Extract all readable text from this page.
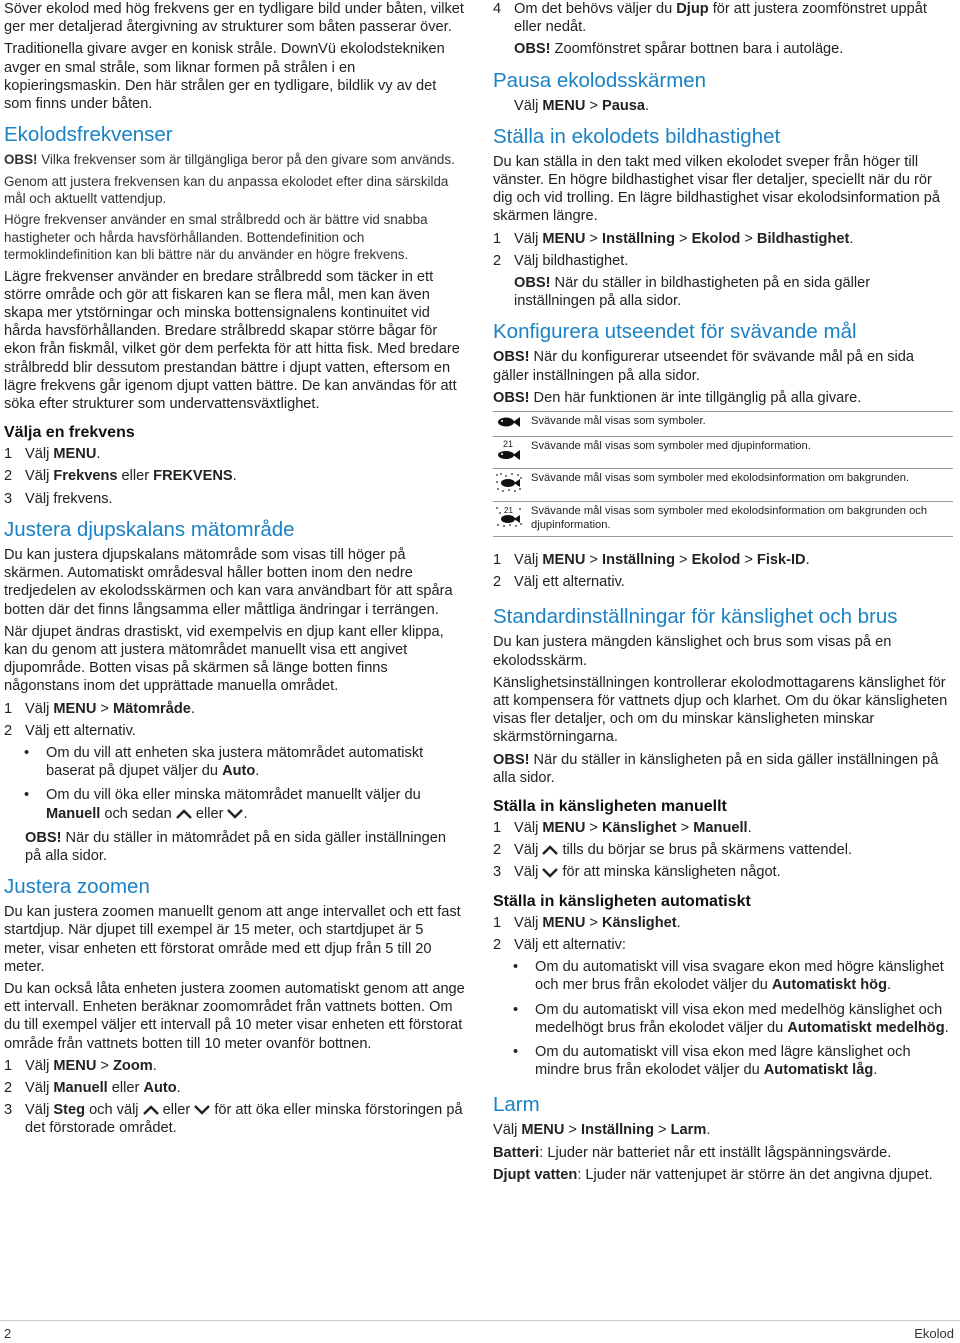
Söver ekolod med hög frekvens ger en tydligare bild under båten, vilket ger mer detaljerad återgivning av strukturer som båten passerar över.

Traditionella givare avger en konisk stråle. DownVü ekolodstekniken avger en smal stråle, som liknar formen på strålen i en kopieringsmaskin. Den här strålen ger en tydligare, bildlik vy av det som finns under båten.

Ekolodsfrekvenser

OBS! Vilka frekvenser som är tillgängliga beror på den givare som används.

Genom att justera frekvensen kan du anpassa ekolodet efter dina särskilda mål och aktuellt vattendjup.

Högre frekvenser använder en smal strålbredd och är bättre vid snabba hastigheter och hårda havsförhållanden. Bottendefinition och termoklindefinition kan bli bättre när du använder en högre frekvens.

Lägre frekvenser använder en bredare strålbredd som täcker in ett större område och gör att fiskaren kan se flera mål, men kan även skapa mer ytstörningar och minska bottensignalens kontinuitet vid hårda havsförhållanden. Bredare strålbredd skapar större bågar för ekon från fiskmål, vilket gör dem perfekta för att hitta fisk. Med bredare strålbredd blir dessutom prestandan bättre i djupt vatten, eftersom en lägre frekvens går igenom djupt vatten bättre. De kan användas för att söka efter strukturer som undervattensväxtlighet.

Välja en frekvens
1 Välj MENU.
2 Välj Frekvens eller FREKVENS.
3 Välj frekvens.
Justera djupskalans mätområde

Du kan justera djupskalans mätområde som visas till höger på skärmen. Automatiskt områdesval håller botten inom den nedre tredjedelen av ekolodsskärmen och kan vara användbart för att spåra botten där det finns långsamma eller måttliga ändringar i terrängen.

När djupet ändras drastiskt, vid exempelvis en djup kant eller klippa, kan du genom att justera mätområdet manuellt visa ett angivet djupområde. Botten visas på skärmen så länge botten finns någonstans inom det upprättade manuella området.

1 Välj MENU > Mätområde.
2 Välj ett alternativ.
•	Om du vill att enheten ska justera mätområdet automatiskt baserat på djupet väljer du Auto.
•	Om du vill öka eller minska mätområdet manuellt väljer du Manuell och sedan  eller .
OBS! När du ställer in mätområdet på en sida gäller inställningen på alla sidor.
Justera zoomen

Du kan justera zoomen manuellt genom att ange intervallet och ett fast startdjup. När djupet till exempel är 15 meter, och startdjupet är 5 meter, visar enheten ett förstorat område med ett djup från 5 till 20 meter.

Du kan också låta enheten justera zoomen automatiskt genom att ange ett intervall. Enheten beräknar zoomområdet från vattnets botten. Om du till exempel väljer ett intervall på 10 meter visar enheten ett förstorat område från vattnets botten till 10 meter ovanför bottnen.

1 Välj MENU > Zoom.
2 Välj Manuell eller Auto.
3 Välj Steg och välj  eller  för att öka eller minska förstoringen på det förstorade området.
4 Om det behövs väljer du Djup för att justera zoomfönstret uppåt eller nedåt.
OBS! Zoomfönstret spårar bottnen bara i autoläge.
Pausa ekolodsskärmen

Välj MENU > Pausa.

Ställa in ekolodets bildhastighet

Du kan ställa in den takt med vilken ekolodet sveper från höger till vänster. En högre bildhastighet visar fler detaljer, speciellt när du rör dig och vid trolling. En lägre bildhastighet visar ekolodsinformation på skärmen längre.

1 Välj MENU > Inställning > Ekolod > Bildhastighet.
2 Välj bildhastighet.
OBS! När du ställer in bildhastigheten på en sida gäller inställningen på alla sidor.
Konfigurera utseendet för svävande mål
OBS! När du konfigurerar utseendet för svävande mål på en sida gäller inställningen på alla sidor.
OBS! Den här funktionen är inte tillgänglig på alla givare.
	Svävande mål visas som symboler.

21	Svävande mål visas som symboler med djupinformation.
	Svävande mål visas som symboler med ekolodsinformation om bakgrunden.

21	Svävande mål visas som symboler med ekolodsinformation om bakgrunden och djupinformation.
1 Välj MENU > Inställning > Ekolod > Fisk-ID.
2 Välj ett alternativ.
Standardinställningar för känslighet och brus

Du kan justera mängden känslighet och brus som visas på en ekolodsskärm.

Känslighetsinställningen kontrollerar ekolodmottagarens känslighet för att kompensera för vattnets djup och klarhet. Om du ökar känsligheten visas fler detaljer, och om du minskar känsligheten minskar skärmstörningarna.

OBS! När du ställer in känsligheten på en sida gäller inställningen på alla sidor.
Ställa in känsligheten manuellt
1 Välj MENU > Känslighet > Manuell.
2 Välj  tills du börjar se brus på skärmens vattendel.
3 Välj  för att minska känsligheten något.
Ställa in känsligheten automatiskt
1 Välj MENU > Känslighet.
2 Välj ett alternativ:
•	Om du automatiskt vill visa svagare ekon med högre känslighet och mer brus från ekolodet väljer du Automatiskt hög.
•	Om du automatiskt vill visa ekon med medelhög känslighet och medelhögt brus från ekolodet väljer du Automatiskt medelhög.
•	Om du automatiskt vill visa ekon med lägre känslighet och mindre brus från ekolodet väljer du Automatiskt låg.
Larm

Välj MENU > Inställning > Larm.

Batteri: Ljuder när batteriet når ett inställt lågspänningsvärde.

Djupt vatten: Ljuder när vattenjupet är större än det angivna djupet.

2	Ekolod
